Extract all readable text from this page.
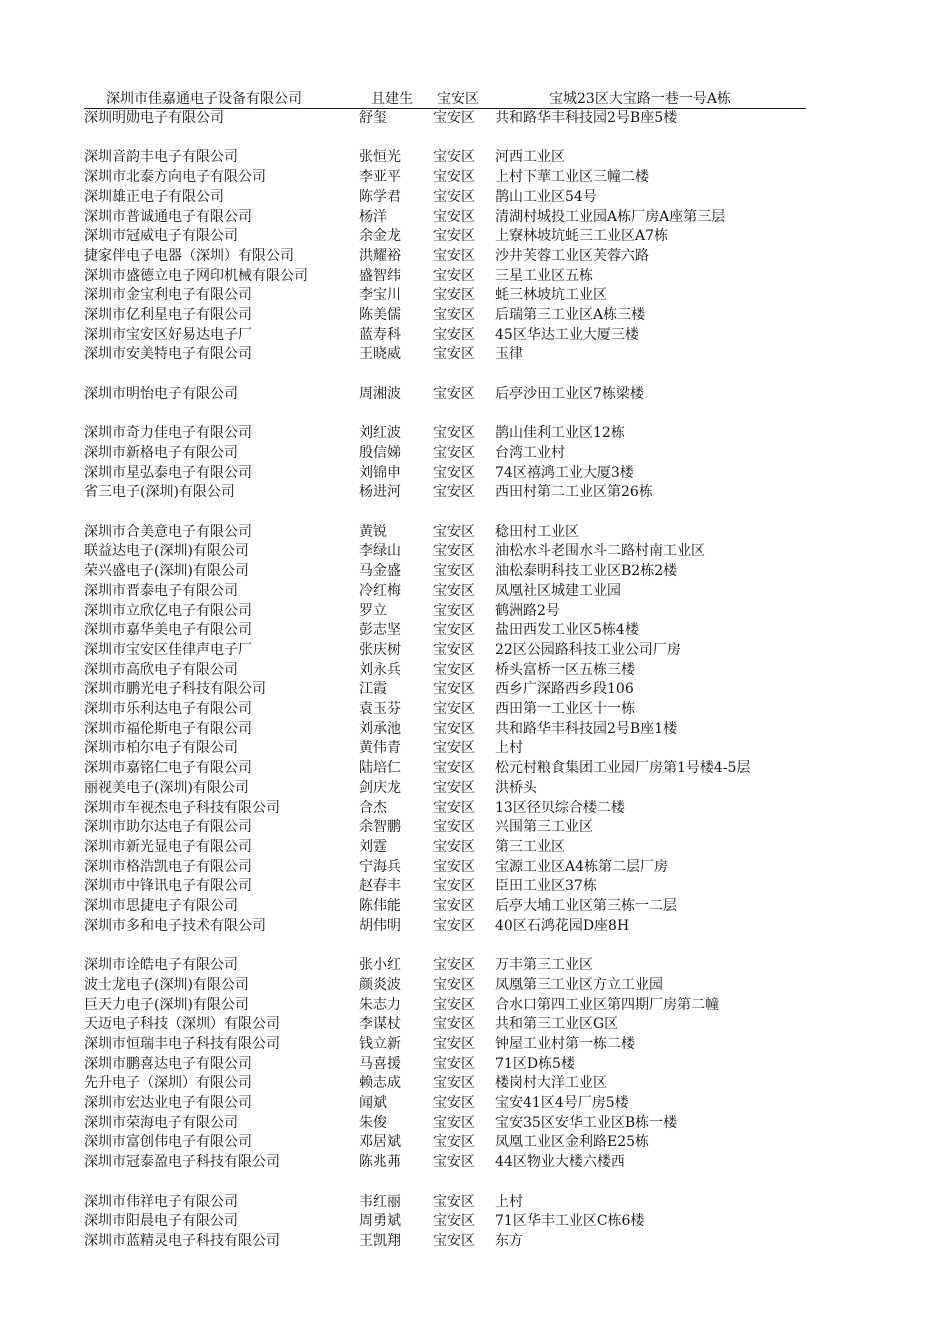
深圳市佳嘉通电子设备有限公司	且建生 宝安区	宝城23区大宝路一巷一号A栋
深圳明勋电子有限公司	舒玺	宝安区 共和路华丰科技园2号B座5楼
深圳音韵丰电子有限公司	张恒光 宝安区 河西工业区
深圳市北泰方向电子有限公司	李亚平 宝安区 上村下華工业区三幢二楼
深圳雄正电子有限公司	陈学君 宝安区 鹊山工业区54号
深圳市普诚通电子有限公司	杨洋	宝安区 清湖村城投工业园A栋厂房A座第三层
深圳市冠威电子有限公司	余金龙 宝安区 上寮林坡坑蚝三工业区A7栋
捷家伴电子电器（深圳）有限公司	洪耀裕 宝安区 沙井芙蓉工业区芙蓉六路
深圳市盛德立电子网印机械有限公司	盛智纬 宝安区 三星工业区五栋
深圳市金宝利电子有限公司	李宝川 宝安区 蚝三林坡坑工业区
深圳市亿利星电子有限公司	陈美儒 宝安区 后瑞第三工业区A栋三楼
深圳市宝安区好易达电子厂	蓝寿科 宝安区 45区华达工业大厦三楼
深圳市安美特电子有限公司	王晓威 宝安区 玉律
深圳市明怡电子有限公司	周湘波 宝安区 后亭沙田工业区7栋梁楼
深圳市奇力佳电子有限公司	刘红波 宝安区 鹊山佳利工业区12栋
深圳市新格电子有限公司	殷信娣 宝安区 台湾工业村
深圳市星弘泰电子有限公司	刘锦申 宝安区 74区禧鸿工业大厦3楼
省三电子(深圳)有限公司	杨进河 宝安区 西田村第二工业区第26栋
深圳市合美意电子有限公司	黄锐	宝安区 稔田村工业区
联益达电子(深圳)有限公司	李绿山 宝安区 油松水斗老围水斗二路村南工业区
荣兴盛电子(深圳)有限公司	马金盛 宝安区 油松泰明科技工业区B2栋2楼
深圳市晋泰电子有限公司	冷红梅 宝安区 凤凰社区城建工业园
深圳市立欣亿电子有限公司	罗立	宝安区 鹤洲路2号
深圳市嘉华美电子有限公司	彭志坚 宝安区 盐田西发工业区5栋4楼
深圳市宝安区佳律声电子厂	张庆树 宝安区 22区公园路科技工业公司厂房
深圳市高欣电子有限公司	刘永兵 宝安区 桥头富桥一区五栋三楼
深圳市鹏光电子科技有限公司	江霞	宝安区 西乡广深路西乡段106
深圳市乐利达电子有限公司	袁玉芬 宝安区 西田第一工业区十一栋
深圳市福伦斯电子有限公司	刘承池 宝安区 共和路华丰科技园2号B座1楼
深圳市柏尔电子有限公司	黄伟青 宝安区 上村
深圳市嘉铭仁电子有限公司	陆培仁 宝安区 松元村粮食集团工业园厂房第1号楼4-5层
丽视美电子(深圳)有限公司	剑庆龙 宝安区 洪桥头
深圳市车视杰电子科技有限公司	合杰	宝安区 13区径贝综合楼二楼
深圳市助尔达电子有限公司	余智鹏 宝安区 兴围第三工业区
深圳市新光显电子有限公司	刘霆	宝安区 第三工业区
深圳市格浩凯电子有限公司	宁海兵 宝安区 宝源工业区A4栋第二层厂房
深圳市中锋讯电子有限公司	赵春丰 宝安区 臣田工业区37栋
深圳市思捷电子有限公司	陈伟能 宝安区 后亭大埔工业区第三栋一二层
深圳市多和电子技术有限公司	胡伟明 宝安区 40区石鸿花园D座8H
深圳市诠皓电子有限公司	张小红 宝安区 万丰第三工业区
波士龙电子(深圳)有限公司	颜炎波 宝安区 凤凰第三工业区方立工业园
巨天力电子(深圳)有限公司	朱志力 宝安区 合水口第四工业区第四期厂房第二幢
天迈电子科技（深圳）有限公司	李谋杖 宝安区 共和第三工业区G区
深圳市恒瑞丰电子科技有限公司	钱立新 宝安区 钟屋工业村第一栋二楼
深圳市鹏喜达电子有限公司	马喜援 宝安区 71区D栋5楼
先升电子（深圳）有限公司	赖志成 宝安区 楼岗村大洋工业区
深圳市宏达业电子有限公司	闻斌	宝安区 宝安41区4号厂房5楼
深圳市荣海电子有限公司	朱俊	宝安区 宝安35区安华工业区B栋一楼
深圳市富创伟电子有限公司	邓居斌 宝安区 凤凰工业区金利路E25栋
深圳市冠泰盈电子科技有限公司	陈兆茀 宝安区 44区物业大楼六楼西
深圳市伟祥电子有限公司	韦红丽 宝安区 上村
深圳市阳晨电子有限公司	周勇斌 宝安区 71区华丰工业区C栋6楼
深圳市蓝精灵电子科技有限公司	王凯翔 宝安区 东方
